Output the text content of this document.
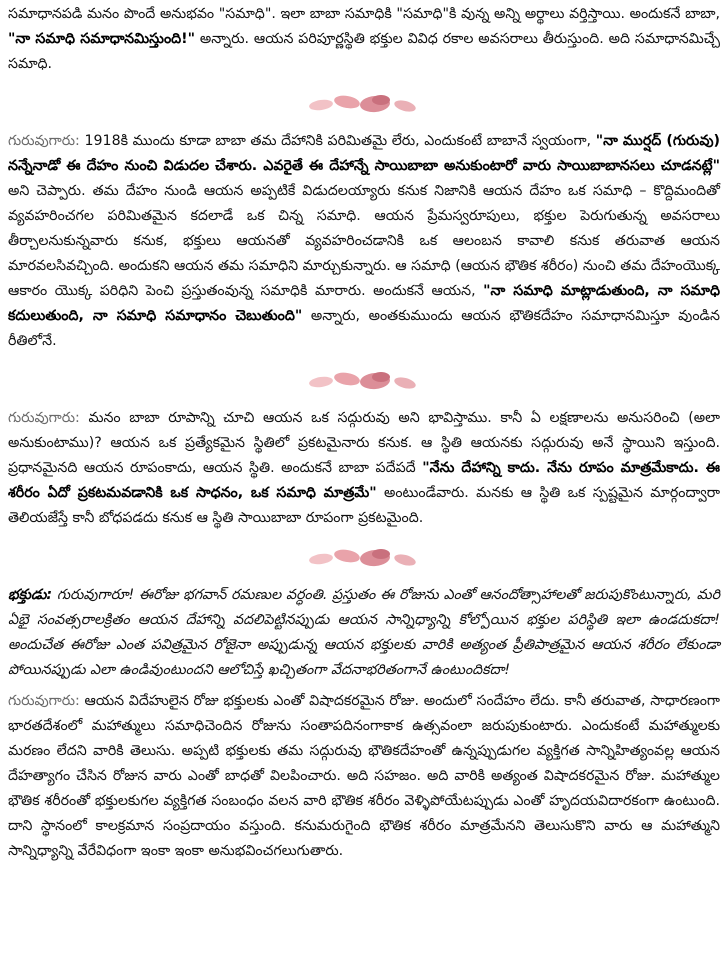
సమాధానపడి మనం పొందే అనుభవం "సమాధి". ఇలా బాబా సమాధికి "సమాధి"కి వున్న అన్ని అర్థాలు వర్తిస్తాయి. అందుకనే బాబా, "నా సమాధి సమాధానమిస్తుంది!" అన్నారు. ఆయన పరిపూర్ణస్థితి భక్తుల వివిధ రకాల అవసరాలు తీరుస్తుంది. అది సమాధానమిచ్చే సమాధి.

గురువుగారు: 1918కి ముందు కూడా బాబా తమ దేహానికి పరిమితమై లేరు, ఎందుకంటే బాబానే స్వయంగా, "నా ముర్షద్ (గురువు) నన్నేనాడో ఈ దేహం నుంచి విడుదల చేశారు. ఎవరైతే ఈ దేహాన్నే సాయిబాబా అనుకుంటారో వారు సాయిబాబానసలు చూడనట్లే" అని చెప్పారు. తమ దేహం నుండి ఆయన అప్పటికే విడుదలయ్యారు కనుక నిజానికి ఆయన దేహం ఒక సమాధి – కొద్దిమందితో వ్యవహరించగల పరిమితమైన కదలాడే ఒక చిన్న సమాధి. ఆయన ప్రేమస్వరూపులు, భక్తుల పెరుగుతున్న అవసరాలు తీర్చాలనుకున్నవారు కనుక, భక్తులు ఆయనతో వ్యవహరించడానికి ఒక ఆలంబన కావాలి కనుక తరువాత ఆయన మారవలసివచ్చింది. అందుకని ఆయన తమ సమాధిని మార్చుకున్నారు. ఆ సమాధి (ఆయన భౌతిక శరీరం) నుంచి తమ దేహంయొక్క ఆకారం యొక్క పరిధిని పెంచి ప్రస్తుతంవున్న సమాధికి మారారు. అందుకనే ఆయన, "నా సమాధి మాట్లాడుతుంది, నా సమాధి కదులుతుంది, నా సమాధి సమాధానం చెబుతుంది" అన్నారు, అంతకుముందు ఆయన భౌతికదేహం సమాధానమిస్తూ వుండిన రీతిలోనే.

గురువుగారు: మనం బాబా రూపాన్ని చూచి ఆయన ఒక సద్గురువు అని భావిస్తాము. కానీ ఏ లక్షణాలను అనుసరించి (అలా అనుకుంటాము)? ఆయన ఒక ప్రత్యేకమైన స్థితిలో ప్రకటమైనారు కనుక. ఆ స్థితి ఆయనకు సద్గురువు అనే స్థాయిని ఇస్తుంది. ప్రధానమైనది ఆయన రూపంకాదు, ఆయన స్థితి. అందుకనే బాబా పదేపదే "నేను దేహాన్ని కాదు. నేను రూపం మాత్రమేకాదు. ఈ శరీరం ఏదో ప్రకటమవడానికి ఒక సాధనం, ఒక సమాధి మాత్రమే" అంటుండేవారు. మనకు ఆ స్థితి ఒక స్పష్టమైన మార్గంద్వారా తెలియజేస్తే కానీ బోధపడదు కనుక ఆ స్థితి సాయిబాబా రూపంగా ప్రకటమైంది.

భక్తుడు: గురువుగారూ! ఈరోజు భగవాన్ రమణుల వర్ధంతి. ప్రస్తుతం ఈ రోజును ఎంతో ఆనందోత్సాహాలతో జరుపుకొంటున్నారు, మరి ఏభై సంవత్సరాలక్రితం ఆయన దేహాన్ని వదలిపెట్టినప్పుడు ఆయన సాన్నిధ్యాన్ని కోల్పోయిన భక్తుల పరిస్థితి ఇలా ఉండదుకదా! అందుచేత ఈరోజు ఎంత పవిత్రమైన రోజైనా అప్పుడున్న ఆయన భక్తులకు వారికి అత్యంత ప్రీతిపాత్రమైన ఆయన శరీరం లేకుండా పోయినప్పుడు ఎలా ఉండివుంటుందని ఆలోచిస్తే ఖచ్చితంగా వేదనాభరితంగానే ఉంటుందికదా!

గురువుగారు: ఆయన విదేహులైన రోజు భక్తులకు ఎంతో విషాదకరమైన రోజు. అందులో సందేహం లేదు. కానీ తరువాత, సాధారణంగా భారతదేశంలో మహాత్ములు సమాధిచెందిన రోజును సంతాపదినంగాకాక ఉత్సవంలా జరుపుకుంటారు. ఎందుకంటే మహాత్ములకు మరణం లేదని వారికి తెలుసు. అప్పటి భక్తులకు తమ సద్గురువు భౌతికదేహంతో ఉన్నప్పుడుగల వ్యక్తిగత సాన్నిహిత్యంవల్ల ఆయన దేహత్యాగం చేసిన రోజున వారు ఎంతో బాధతో విలపించారు. అది సహజం. అది వారికి అత్యంత విషాదకరమైన రోజు. మహాత్ముల భౌతిక శరీరంతో భక్తులకుగల వ్యక్తిగత సంబంధం వలన వారి భౌతిక శరీరం వెళ్ళిపోయేటప్పుడు ఎంతో హృదయవిదారకంగా ఉంటుంది. దాని స్థానంలో కాలక్రమాన సంప్రదాయం వస్తుంది. కనుమరుగైంది భౌతిక శరీరం మాత్రమేనని తెలుసుకొని వారు ఆ మహాత్ముని సాన్నిధ్యాన్ని వేరేవిధంగా ఇంకా ఇంకా అనుభవించగలుగుతారు.
